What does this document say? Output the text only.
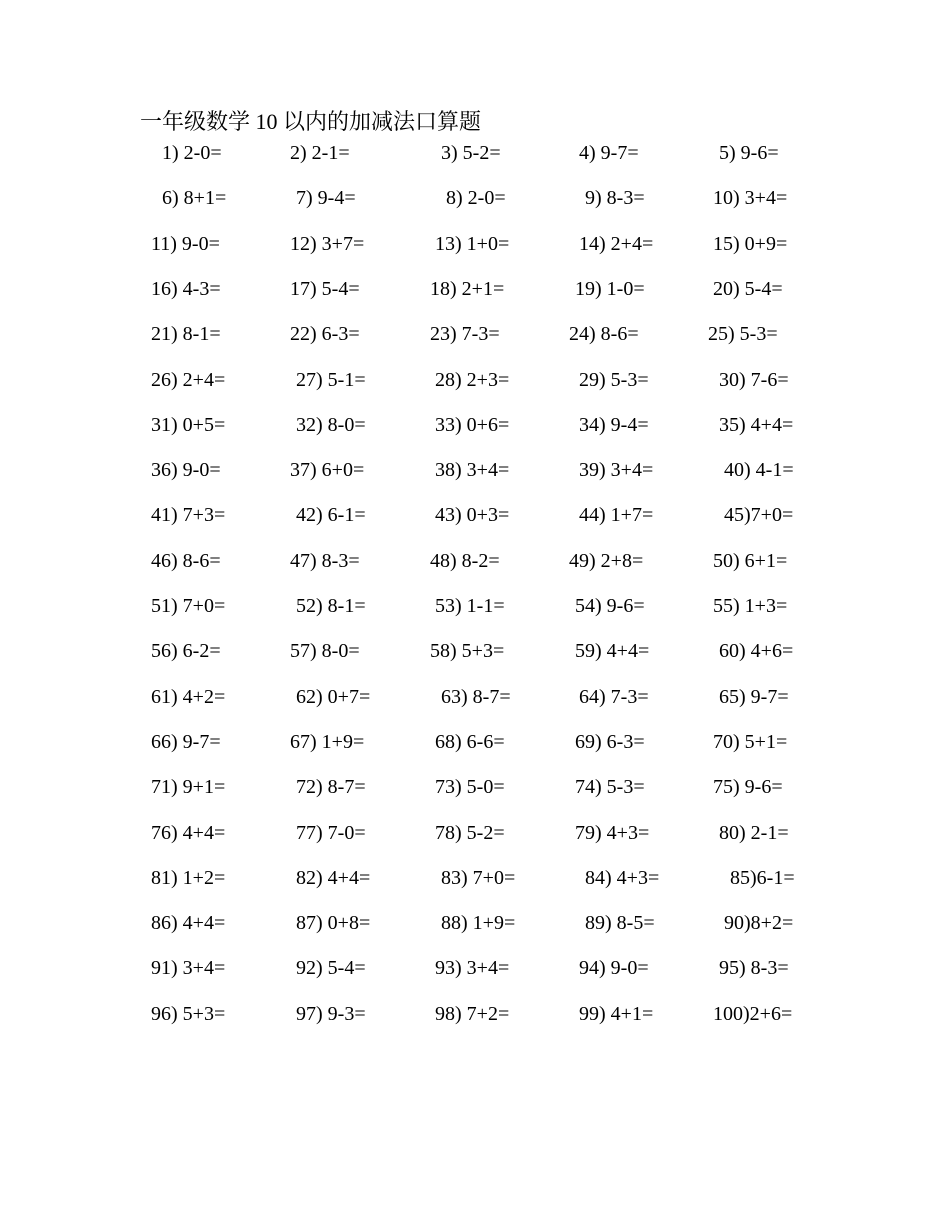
一年级数学 10 以内的加减法口算题
1) 2-0=	2) 2-1=	3) 5-2=	4) 9-7=	5) 9-6=
6) 8+1=	7) 9-4=	8) 2-0=	9) 8-3=	10) 3+4=
11) 9-0=	12) 3+7=	13) 1+0=	14) 2+4=	15) 0+9=
16) 4-3=	17) 5-4=	18) 2+1=	19) 1-0=	20) 5-4=
21) 8-1=	22) 6-3=	23) 7-3=	24) 8-6=	25) 5-3=
26) 2+4=	27) 5-1=	28) 2+3=	29) 5-3=	30) 7-6=
31) 0+5=	32) 8-0=	33) 0+6=	34) 9-4=	35) 4+4=
36) 9-0=	37) 6+0=	38) 3+4=	39) 3+4=	40) 4-1=
41) 7+3=	42) 6-1=	43) 0+3=	44) 1+7=	45)7+0=
46) 8-6=	47) 8-3=	48) 8-2=	49) 2+8=	50) 6+1=
51) 7+0=	52) 8-1=	53) 1-1=	54) 9-6=	55) 1+3=
56) 6-2=	57) 8-0=	58) 5+3=	59) 4+4=	60) 4+6=
61) 4+2=	62) 0+7=	63) 8-7=	64) 7-3=	65) 9-7=
66) 9-7=	67) 1+9=	68) 6-6=	69) 6-3=	70) 5+1=
71) 9+1=	72) 8-7=	73) 5-0=	74) 5-3=	75) 9-6=
76) 4+4=	77) 7-0=	78) 5-2=	79) 4+3=	80) 2-1=
81) 1+2=	82) 4+4=	83) 7+0=	84) 4+3=	85)6-1=
86) 4+4=	87) 0+8=	88) 1+9=	89) 8-5=	90)8+2=
91) 3+4=	92) 5-4=	93) 3+4=	94) 9-0=	95) 8-3=
96) 5+3=	97) 9-3=	98) 7+2=	99) 4+1=	100)2+6=
